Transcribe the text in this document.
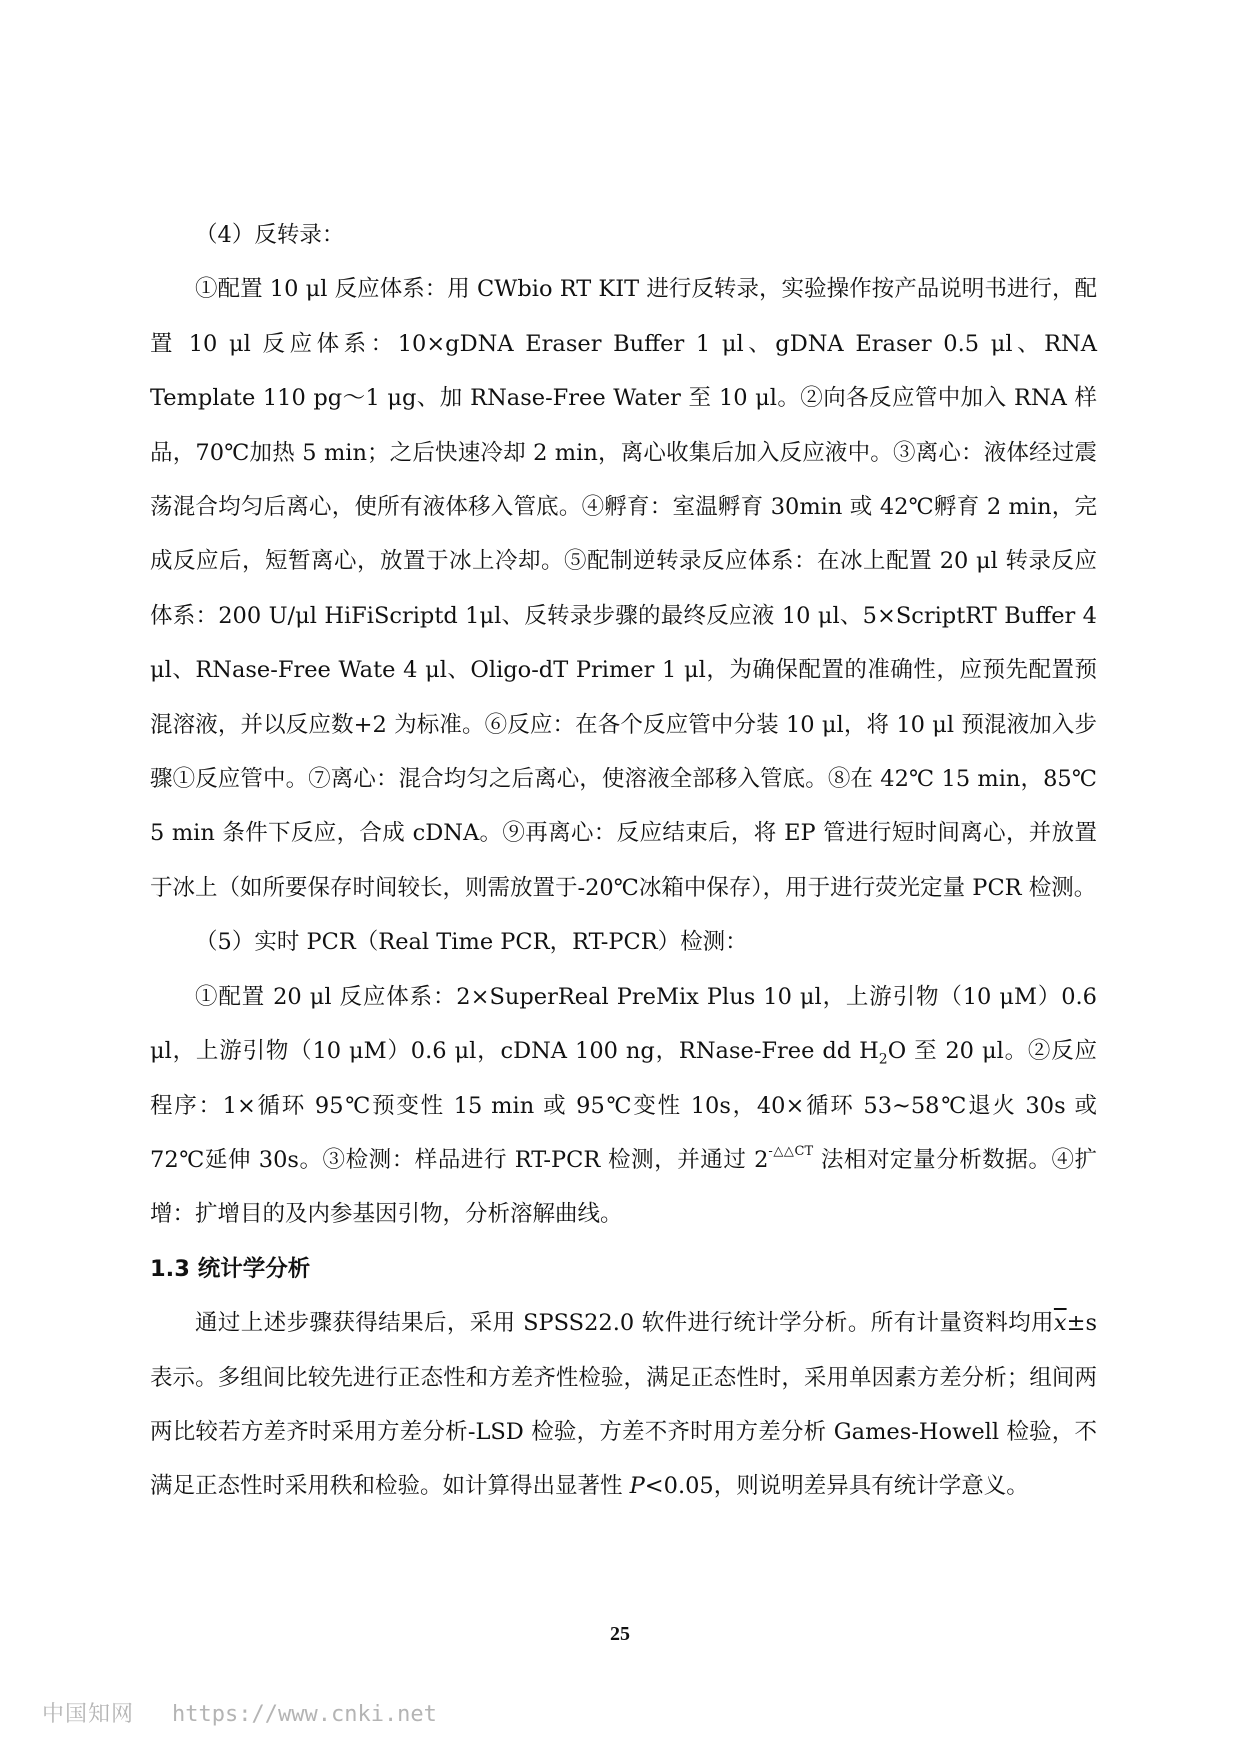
（4）反转录：

①配置 10 μl 反应体系：用 CWbio RT KIT 进行反转录，实验操作按产品说明书进行，配置 10 μl 反应体系：10×gDNA Eraser Buffer 1 μl、gDNA Eraser 0.5 μl、RNA Template 110 pg～1 μg、加 RNase-Free Water 至 10 μl。②向各反应管中加入 RNA 样品，70℃加热 5 min；之后快速冷却 2 min，离心收集后加入反应液中。③离心：液体经过震荡混合均匀后离心，使所有液体移入管底。④孵育：室温孵育 30min 或 42℃孵育 2 min，完成反应后，短暂离心，放置于冰上冷却。⑤配制逆转录反应体系：在冰上配置 20 μl 转录反应体系：200 U/μl HiFiScriptd 1μl、反转录步骤的最终反应液 10 μl、5×ScriptRT Buffer 4 μl、RNase-Free Wate 4 μl、Oligo-dT Primer 1 μl，为确保配置的准确性，应预先配置预混溶液，并以反应数+2 为标准。⑥反应：在各个反应管中分装 10 μl，将 10 μl 预混液加入步骤①反应管中。⑦离心：混合均匀之后离心，使溶液全部移入管底。⑧在 42℃ 15 min，85℃ 5 min 条件下反应，合成 cDNA。⑨再离心：反应结束后，将 EP 管进行短时间离心，并放置于冰上（如所要保存时间较长，则需放置于-20℃冰箱中保存），用于进行荧光定量 PCR 检测。

（5）实时 PCR（Real Time PCR，RT-PCR）检测：

①配置 20 μl 反应体系：2×SuperReal PreMix Plus 10 μl，上游引物（10 μM）0.6 μl，上游引物（10 μM）0.6 μl，cDNA 100 ng，RNase-Free dd $H_2O$ 至 20 μl。②反应程序：1×循环 95℃预变性 15 min 或 95℃变性 10s，40×循环 53~58℃退火 30s 或 72℃延伸 30s。③检测：样品进行 RT-PCR 检测，并通过 $2^{-\triangle\triangle CT}$ 法相对定量分析数据。④扩增：扩增目的及内参基因引物，分析溶解曲线。

1.3 统计学分析

通过上述步骤获得结果后，采用 SPSS22.0 软件进行统计学分析。所有计量资料均用$\overline{x}\pm s$ 表示。多组间比较先进行正态性和方差齐性检验，满足正态性时，采用单因素方差分析；组间两两比较若方差齐时采用方差分析-LSD 检验，方差不齐时用方差分析 Games-Howell 检验，不满足正态性时采用秩和检验。如计算得出显著性 P<0.05，则说明差异具有统计学意义。

25
中国知网 https://www.cnki.net
